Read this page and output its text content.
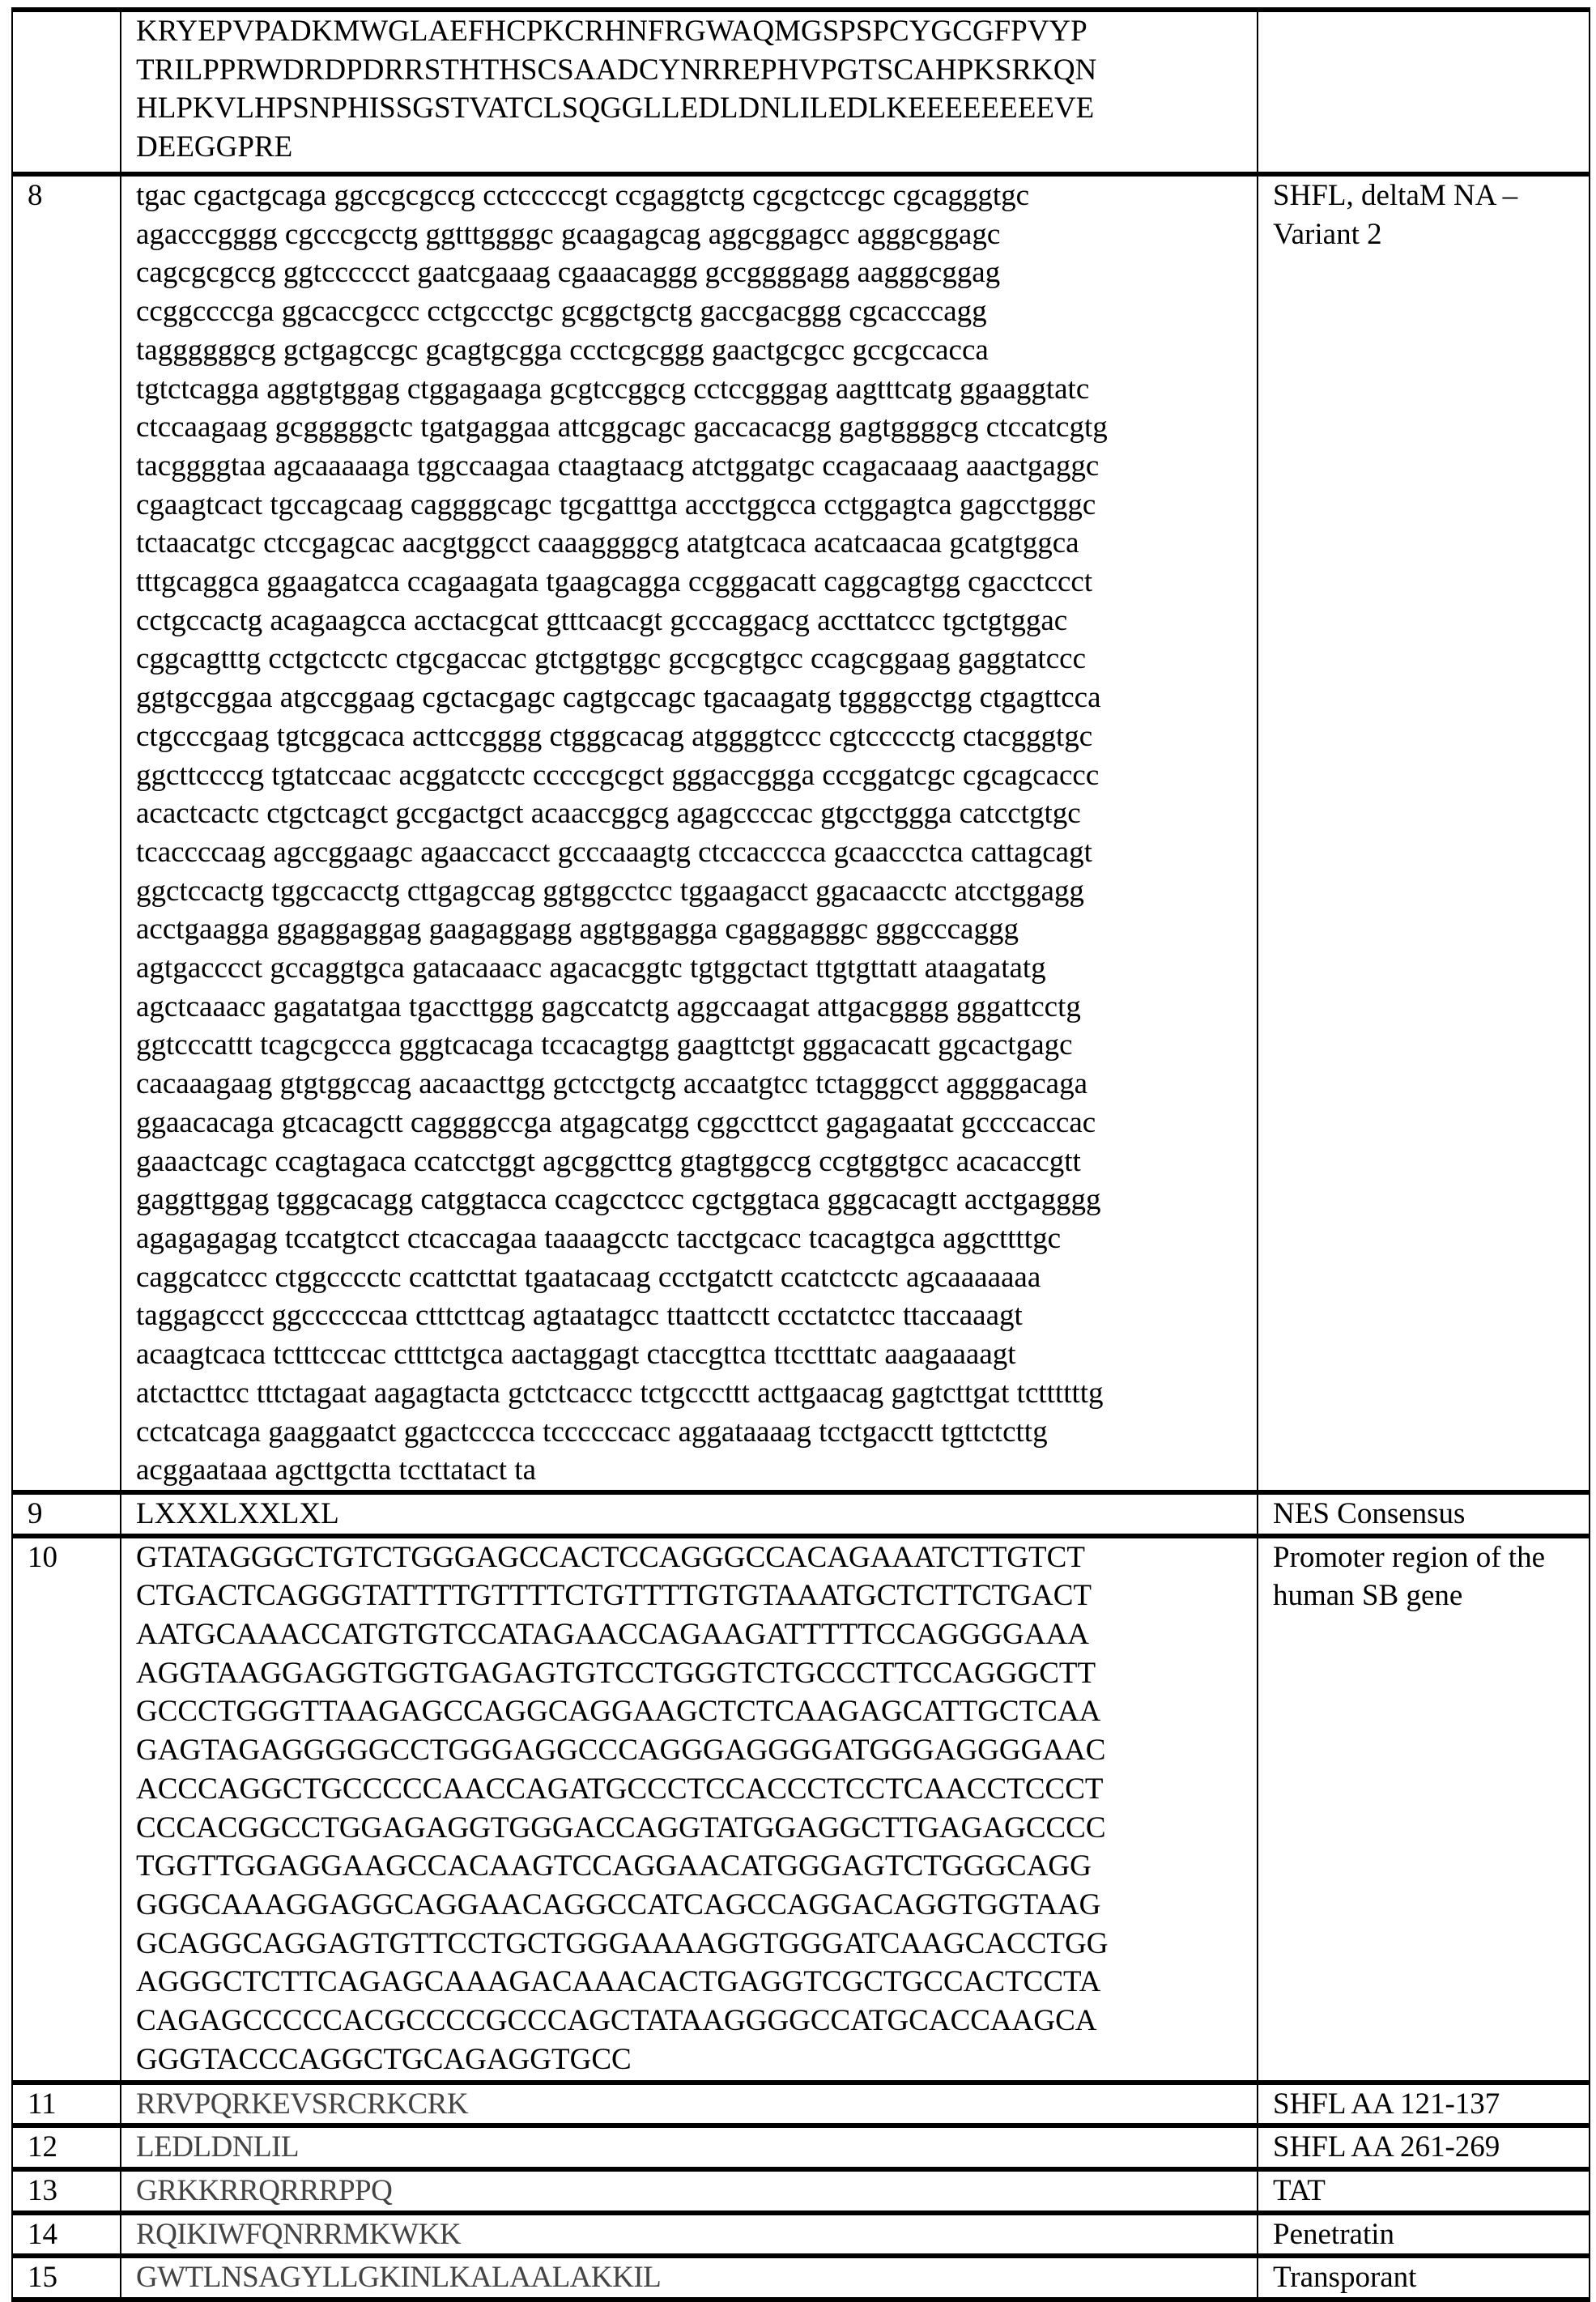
KRYEPVPADKMWGLAEFHCPKCRHNFRGWAQMGSPSPCYGCGFPVYP
TRILPPRWDRDPDRRSTHTHSCSAADCYNRREPHVPGTSCAHPKSRKQN
HLPKVLHPSNPHISSGSTVATCLSQGGLLEDLDNLILEDLKEEEEEEEEVE
DEEGGPRE

8	tgac cgactgcaga ggccgcgccg cctcccccgt ccgaggtctg cgcgctccgc cgcagggtgc
agacccgggg cgcccgcctg ggtttggggc gcaagagcag aggcggagcc agggcggagc
cagcgcgccg ggtcccccct gaatcgaaag cgaaacaggg gccggggagg aagggcggag
ccggccccga ggcaccgccc cctgccctgc gcggctgctg gaccgacggg cgcacccagg
taggggggcg gctgagccgc gcagtgcgga ccctcgcggg gaactgcgcc gccgccacca
tgtctcagga aggtgtggag ctggagaaga gcgtccggcg cctccgggag aagtttcatg ggaaggtatc
ctccaagaag gcgggggctc tgatgaggaa attcggcagc gaccacacgg gagtggggcg ctccatcgtg
tacggggtaa agcaaaaaga tggccaagaa ctaagtaacg atctggatgc ccagacaaag aaactgaggc
cgaagtcact tgccagcaag caggggcagc tgcgatttga accctggcca cctggagtca gagcctgggc
tctaacatgc ctccgagcac aacgtggcct caaaggggcg atatgtcaca acatcaacaa gcatgtggca
tttgcaggca ggaagatcca ccagaagata tgaagcagga ccgggacatt caggcagtgg cgacctccct
cctgccactg acagaagcca acctacgcat gtttcaacgt gcccaggacg accttatccc tgctgtggac
cggcagtttg cctgctcctc ctgcgaccac gtctggtggc gccgcgtgcc ccagcggaag gaggtatccc
ggtgccggaa atgccggaag cgctacgagc cagtgccagc tgacaagatg tggggcctgg ctgagttcca
ctgcccgaag tgtcggcaca acttccgggg ctgggcacag atggggtccc cgtccccctg ctacgggtgc
ggcttccccg tgtatccaac acggatcctc cccccgcgct gggaccggga cccggatcgc cgcagcaccc
acactcactc ctgctcagct gccgactgct acaaccggcg agagccccac gtgcctggga catcctgtgc
tcaccccaag agccggaagc agaaccacct gcccaaagtg ctccacccca gcaaccctca cattagcagt
ggctccactg tggccacctg cttgagccag ggtggcctcc tggaagacct ggacaacctc atcctggagg
acctgaagga ggaggaggag gaagaggagg aggtggagga cgaggagggc gggcccaggg
agtgacccct gccaggtgca gatacaaacc agacacggtc tgtggctact ttgtgttatt ataagatatg
agctcaaacc gagatatgaa tgaccttggg gagccatctg aggccaagat attgacgggg gggattcctg
ggtcccattt tcagcgccca gggtcacaga tccacagtgg gaagttctgt gggacacatt ggcactgagc
cacaaagaag gtgtggccag aacaacttgg gctcctgctg accaatgtcc tctagggcct aggggacaga
ggaacacaga gtcacagctt caggggccga atgagcatgg cggccttcct gagagaatat gccccaccac
gaaactcagc ccagtagaca ccatcctggt agcggcttcg gtagtggccg ccgtggtgcc acacaccgtt
gaggttggag tgggcacagg catggtacca ccagcctccc cgctggtaca gggcacagtt acctgagggg
agagagagag tccatgtcct ctcaccagaa taaaagcctc tacctgcacc tcacagtgca aggcttttgc
caggcatccc ctggcccctc ccattcttat tgaatacaag ccctgatctt ccatctcctc agcaaaaaaa
taggagccct ggccccccaa ctttcttcag agtaatagcc ttaattcctt ccctatctcc ttaccaaagt
acaagtcaca tctttcccac cttttctgca aactaggagt ctaccgttca ttcctttatc aaagaaaagt
atctacttcc tttctagaat aagagtacta gctctcaccc tctgcccttt acttgaacag gagtcttgat tcttttttg
cctcatcaga gaaggaatct ggactcccca tccccccacc aggataaaag tcctgacctt tgttctcttg
acggaataaa agcttgctta tccttatact ta
	SHFL, deltaM NA – Variant 2
9	LXXXLXXLXL	NES Consensus
10	GTATAGGGCTGTCTGGGAGCCACTCCAGGGCCACAGAAATCTTGTCT
CTGACTCAGGGTATTTTGTTTTCTGTTTTGTGTAAATGCTCTTCTGACT
AATGCAAACCATGTGTCCATAGAACCAGAAGATTTTTCCAGGGGAAA
AGGTAAGGAGGTGGTGAGAGTGTCCTGGGTCTGCCCTTCCAGGGCTT
GCCCTGGGTTAAGAGCCAGGCAGGAAGCTCTCAAGAGCATTGCTCAA
GAGTAGAGGGGGCCTGGGAGGCCCAGGGAGGGGATGGGAGGGGAAC
ACCCAGGCTGCCCCCAACCAGATGCCCTCCACCCTCCTCAACCTCCCT
CCCACGGCCTGGAGAGGTGGGACCAGGTATGGAGGCTTGAGAGCCCC
TGGTTGGAGGAAGCCACAAGTCCAGGAACATGGGAGTCTGGGCAGG
GGGCAAAGGAGGCAGGAACAGGCCATCAGCCAGGACAGGTGGTAAG
GCAGGCAGGAGTGTTCCTGCTGGGAAAAGGTGGGATCAAGCACCTGG
AGGGCTCTTCAGAGCAAAGACAAACACTGAGGTCGCTGCCACTCCTA
CAGAGCCCCCACGCCCCGCCCAGCTATAAGGGGCCATGCACCAAGCA
GGGTACCCAGGCTGCAGAGGTGCC
	Promoter region of the human SB gene
11	RRVPQRKEVSRCRKCRK	SHFL AA 121-137
12	LEDLDNLIL	SHFL AA 261-269
13	GRKKRRQRRRPPQ	TAT
14	RQIKIWFQNRRMKWKK	Penetratin
15	GWTLNSAGYLLGKINLKALAALAKKIL	Transporant
